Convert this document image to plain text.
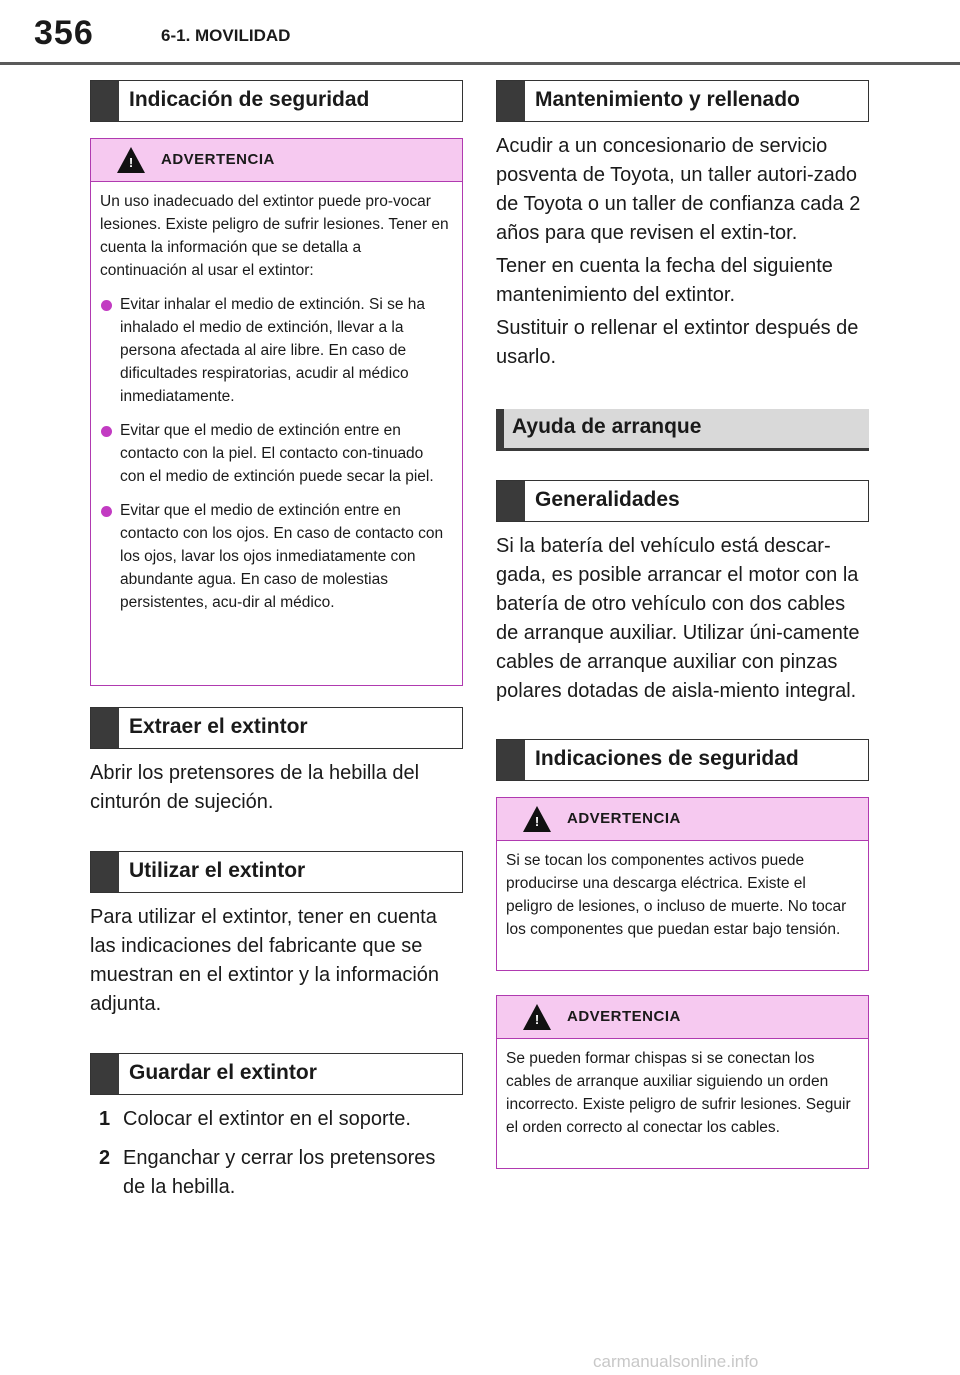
356	6-1. MOVILIDAD
Indicación de seguridad
! ADVERTENCIA

Un uso inadecuado del extintor puede pro-vocar lesiones. Existe peligro de sufrir lesiones. Tener en cuenta la información que se detalla a continuación al usar el extintor:

Evitar inhalar el medio de extinción. Si se ha inhalado el medio de extinción, llevar a la persona afectada al aire libre. En caso de dificultades respiratorias, acudir al médico inmediatamente.
Evitar que el medio de extinción entre en contacto con la piel. El contacto con-tinuado con el medio de extinción puede secar la piel.
Evitar que el medio de extinción entre en contacto con los ojos. En caso de contacto con los ojos, lavar los ojos inmediatamente con abundante agua. En caso de molestias persistentes, acu-dir al médico.
Extraer el extintor

Abrir los pretensores de la hebilla del cinturón de sujeción.

Utilizar el extintor

Para utilizar el extintor, tener en cuenta las indicaciones del fabricante que se muestran en el extintor y la información adjunta.

Guardar el extintor
1 Colocar el extintor en el soporte.
2 Enganchar y cerrar los pretensores de la hebilla.
Mantenimiento y rellenado

Acudir a un concesionario de servicio posventa de Toyota, un taller autori-zado de Toyota o un taller de confianza cada 2 años para que revisen el extin-tor.

Tener en cuenta la fecha del siguiente mantenimiento del extintor.

Sustituir o rellenar el extintor después de usarlo.

Ayuda de arranque
Generalidades

Si la batería del vehículo está descar-gada, es posible arrancar el motor con la batería de otro vehículo con dos cables de arranque auxiliar. Utilizar úni-camente cables de arranque auxiliar con pinzas polares dotadas de aisla-miento integral.

Indicaciones de seguridad
! ADVERTENCIA

Si se tocan los componentes activos puede producirse una descarga eléctrica. Existe el peligro de lesiones, o incluso de muerte. No tocar los componentes que puedan estar bajo tensión.

! ADVERTENCIA

Se pueden formar chispas si se conectan los cables de arranque auxiliar siguiendo un orden incorrecto. Existe peligro de sufrir lesiones. Seguir el orden correcto al conectar los cables.

carmanualsonline.info
